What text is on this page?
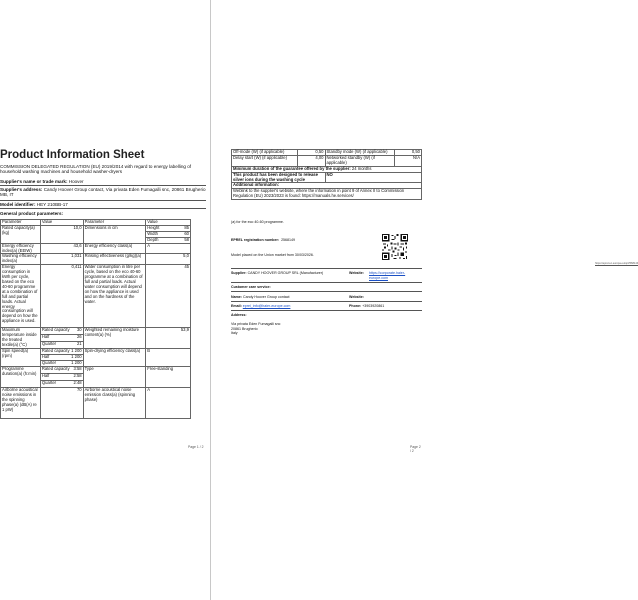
Product Information Sheet
COMMISSION DELEGATED REGULATION (EU) 2019/2014 with regard to energy labelling of household washing machines and household washer-dryers
Supplier's name or trade mark: Hoover
Supplier's address: Candy Hoover Group contact, Via privata Eden Fumagalli snc, 20861 Brugherio MB, IT
Model identifier: HEY 210BB-17
General product parameters:
Parameter	Value	Parameter	Value
Rated capacity(a) (kg)	10,0	Dimensions in cm	Height 85

			Width 60

			Depth 58

Energy efficiency index(a) (EEIW)	43,6	Energy efficiency class(a)	A
Washing efficiency index(a)	1,031	Rinsing effectiveness (g/kg)(a)	5,0
Energy consumption in kWh per cycle, based on the eco 40-60 programme at a combination of full and partial loads. Actual energy consumption will depend on how the appliance is used.	0,411	Water consumption in litre per cycle, based on the eco 40-60 programme at a combination of full and partial loads. Actual water consumption will depend on how the appliance is used and on the hardness of the water.	45
Maximum temperature inside the treated textile(a) (°C)	Rated capacity 30	Weighted remaining moisture content(a) (%)	53,9
	Half 26		

	Quarter 21		

Spin speed(a) (rpm)	Rated capacity 1 200	Spin-drying efficiency class(a)	B
	Half 1 200		

	Quarter 1 200		

Programme duration(a) (h:min)	Rated capacity 3:58	Type	Free-standing
	Half 2:58		

	Quarter 2:48		

Airborne acoustical noise emissions in the spinning phase(a) (dB(A) re 1 pW)	70	Airborne acoustical noise emission class(a) (spinning phase)	A
Page 1 / 2
Off-mode (W) (if applicable)	0,50	Standby mode (W) (if applicable)	0,50
Delay start (W) (if applicable)	4,00	Networked standby (W) (if applicable)	N/A
Minimum duration of the guarantee offered by the supplier: 24 months			
This product has been designed to release silver ions during the washing cycle		NO	
Additional information:			
Weblink to the supplier's website, where the information in point 9 of Annex II to Commission Regulation (EU) 2023/2023 is found: https://manuals.he.services/			
(a) for the eco 40-60 programme.
EPREL registration number: 2568149
Model placed on the Union market from 30/03/2026.
https://eprel.ec.europa.eu/qr/2568149
Supplier: CANDY HOOVER GROUP SRL (Manufacturer)	Website: https://corporate.haier-europe.com
Customer care service:
Name: Candy Hoover Group contact	Website:
Email: eprel_info@haier-europe.com	Phone: +3903920861
Address:

Via privata Eden Fumagalli snc
20861 Brugherio
Italy
Page 2 / 2
